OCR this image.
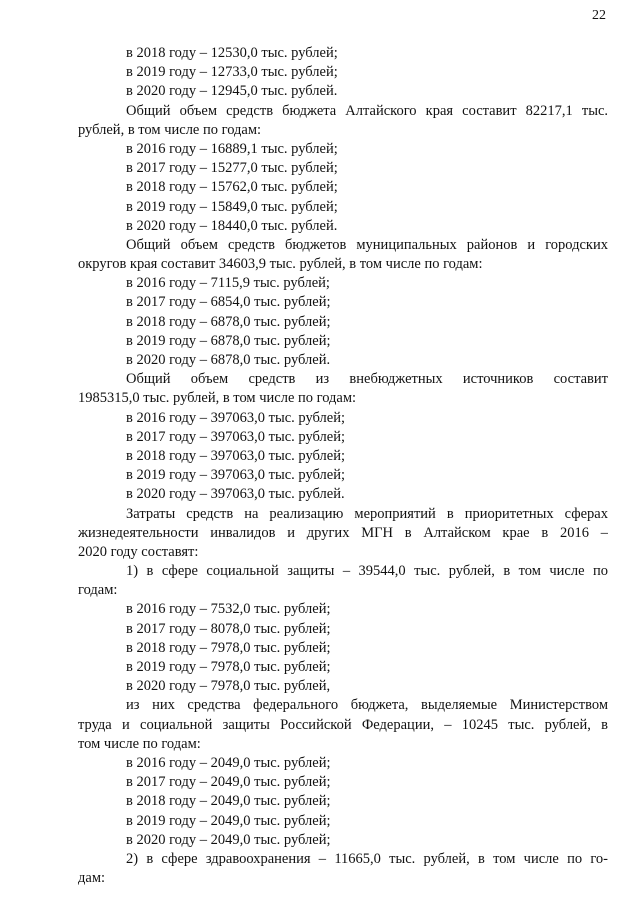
22
в 2018 году – 12530,0 тыс. рублей;
в 2019 году – 12733,0 тыс. рублей;
в 2020 году – 12945,0 тыс. рублей.
Общий объем средств бюджета Алтайского края составит 82217,1 тыс.
рублей, в том числе по годам:
в 2016 году – 16889,1 тыс. рублей;
в 2017 году – 15277,0 тыс. рублей;
в 2018 году – 15762,0 тыс. рублей;
в 2019 году – 15849,0 тыс. рублей;
в 2020 году – 18440,0 тыс. рублей.
Общий объем средств бюджетов муниципальных районов и городских
округов края составит 34603,9 тыс. рублей, в том числе по годам:
в 2016 году – 7115,9 тыс. рублей;
в 2017 году – 6854,0 тыс. рублей;
в 2018 году – 6878,0 тыс. рублей;
в 2019 году – 6878,0 тыс. рублей;
в 2020 году – 6878,0 тыс. рублей.
Общий объем средств из внебюджетных источников составит
1985315,0 тыс. рублей, в том числе по годам:
в 2016 году – 397063,0 тыс. рублей;
в 2017 году – 397063,0 тыс. рублей;
в 2018 году – 397063,0 тыс. рублей;
в 2019 году – 397063,0 тыс. рублей;
в 2020 году – 397063,0 тыс. рублей.
Затраты средств на реализацию мероприятий в приоритетных сферах
жизнедеятельности инвалидов и других МГН в Алтайском крае в 2016 –
2020 году составят:
1) в сфере социальной защиты – 39544,0 тыс. рублей, в том числе по
годам:
в 2016 году – 7532,0 тыс. рублей;
в 2017 году – 8078,0 тыс. рублей;
в 2018 году – 7978,0 тыс. рублей;
в 2019 году – 7978,0 тыс. рублей;
в 2020 году – 7978,0 тыс. рублей,
из них средства федерального бюджета, выделяемые Министерством
труда и социальной защиты Российской Федерации, – 10245 тыс. рублей, в
том числе по годам:
в 2016 году – 2049,0 тыс. рублей;
в 2017 году – 2049,0 тыс. рублей;
в 2018 году – 2049,0 тыс. рублей;
в 2019 году – 2049,0 тыс. рублей;
в 2020 году – 2049,0 тыс. рублей;
2) в сфере здравоохранения – 11665,0 тыс. рублей, в том числе по го-
дам:
